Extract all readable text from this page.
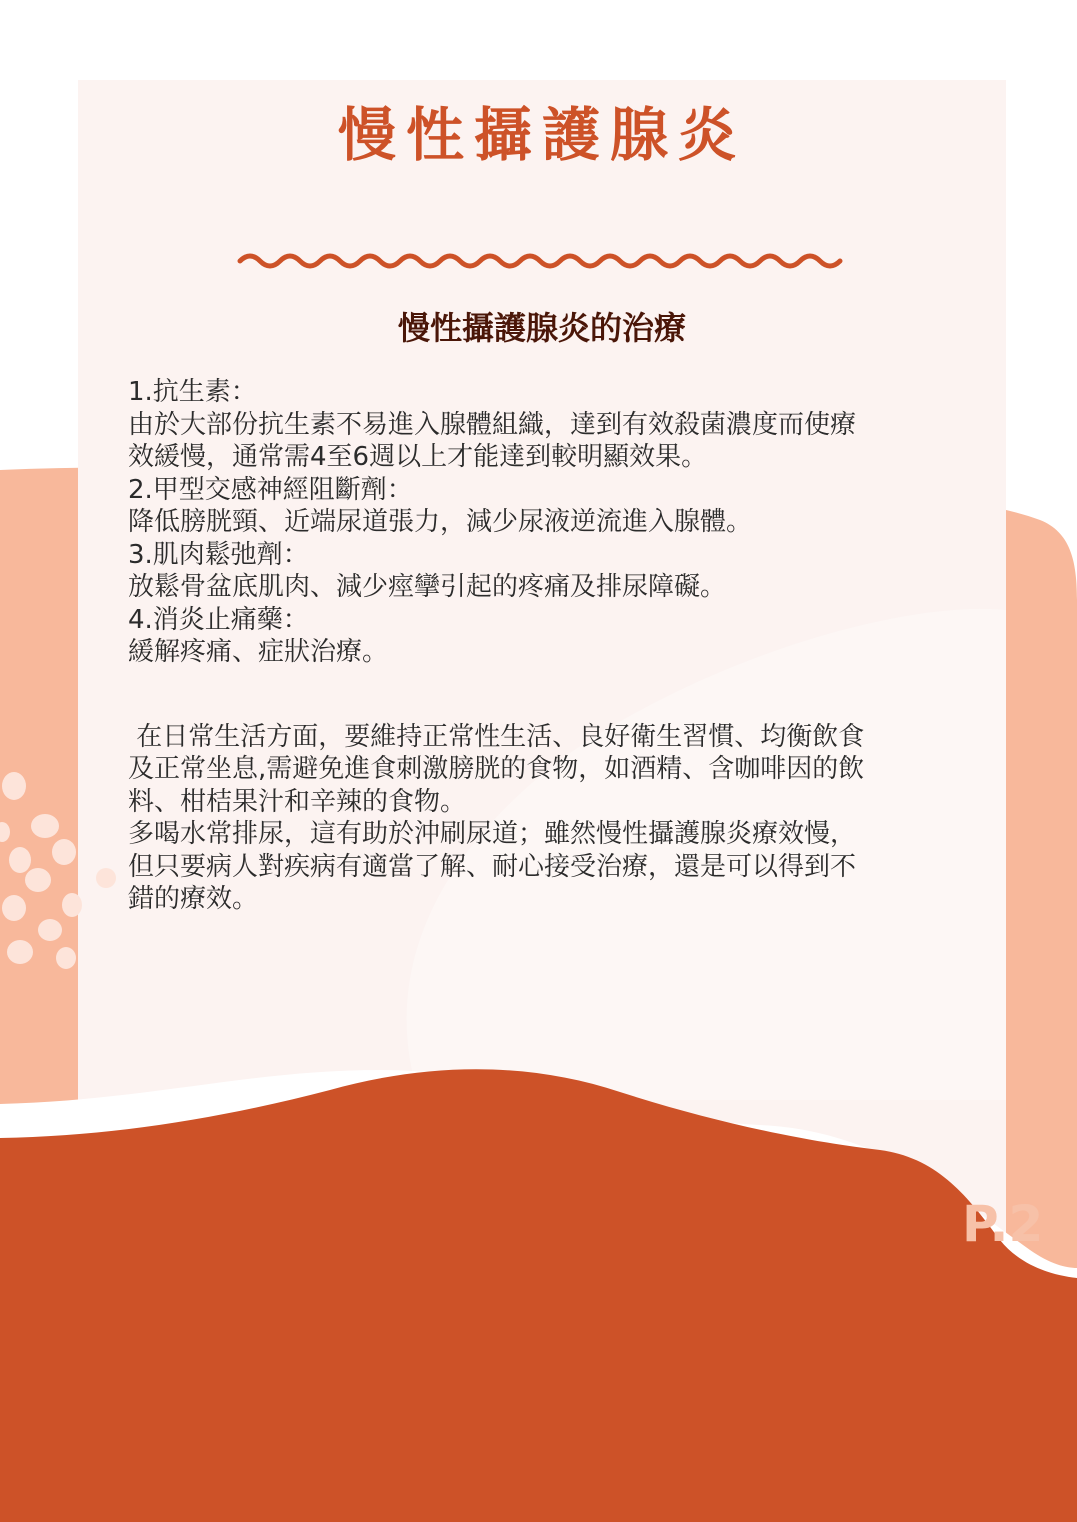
慢性攝護腺炎
慢性攝護腺炎的治療

1.抗生素：

由於大部份抗生素不易進入腺體組織，達到有效殺菌濃度而使療

效緩慢，通常需4至6週以上才能達到較明顯效果。

2.甲型交感神經阻斷劑：

降低膀胱頸、近端尿道張力，減少尿液逆流進入腺體。

3.肌肉鬆弛劑：

放鬆骨盆底肌肉、減少痙攣引起的疼痛及排尿障礙。

4.消炎止痛藥：

緩解疼痛、症狀治療。

在日常生活方面，要維持正常性生活、良好衛生習慣、均衡飲食

及正常坐息,需避免進食刺激膀胱的食物，如酒精、含咖啡因的飲

料、柑桔果汁和辛辣的食物。

多喝水常排尿，這有助於沖刷尿道；雖然慢性攝護腺炎療效慢，

但只要病人對疾病有適當了解、耐心接受治療，還是可以得到不

錯的療效。

P.2
